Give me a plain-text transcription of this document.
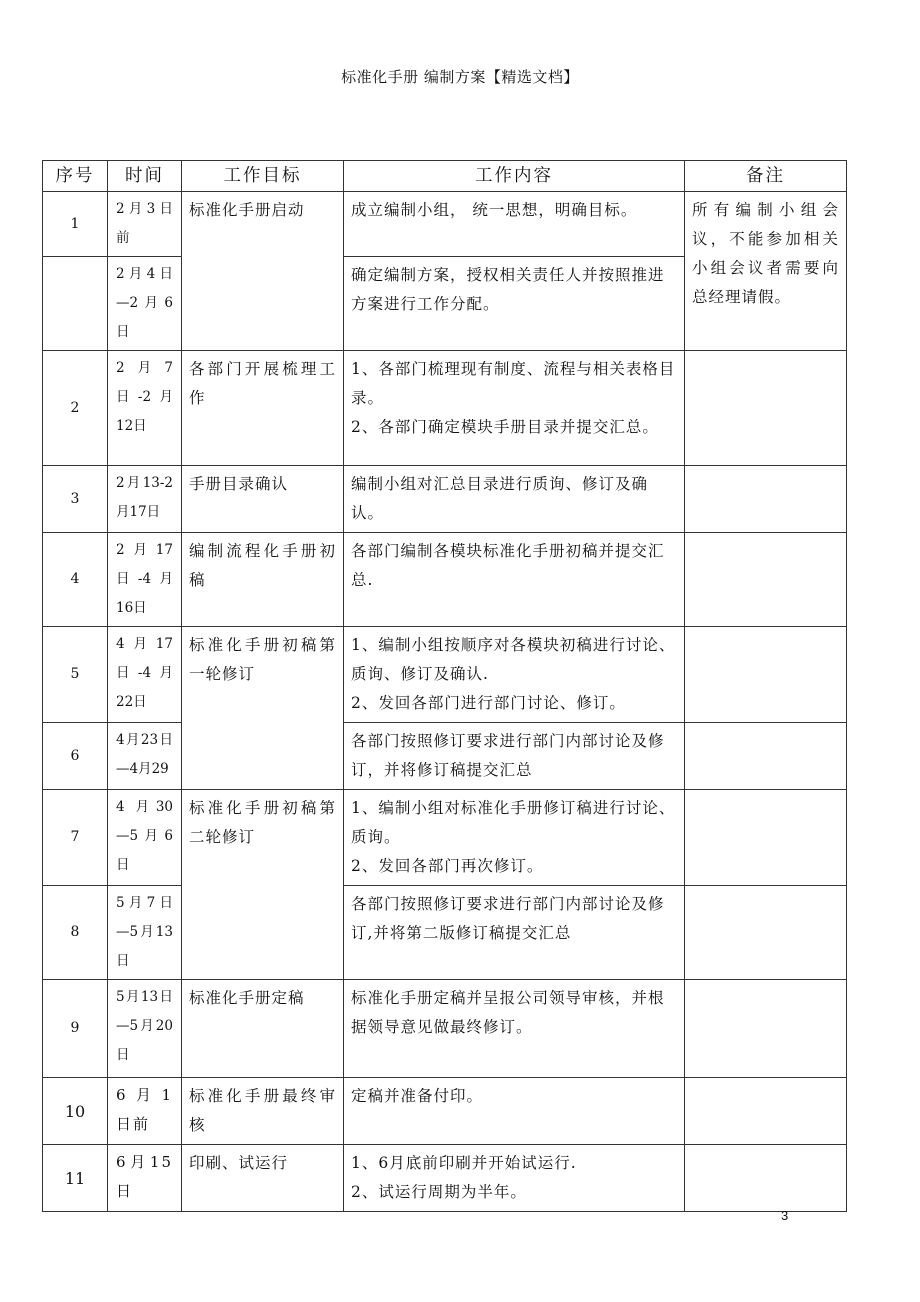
标准化手册 编制方案【精选文档】
序号	时间	工作目标	工作内容	备注
1	2月3日前	标准化手册启动	成立编制小组， 统一思想，明确目标。	所有编制小组会议，不能参加相关小组会议者需要向总经理请假。
	2月4日—2月6日		确定编制方案，授权相关责任人并按照推进方案进行工作分配。	

2	2月7日-2月12日	各部门开展梳理工作	1、各部门梳理现有制度、流程与相关表格目录。
2、各部门确定模块手册目录并提交汇总。	

3	2月13-2月17日	手册目录确认	编制小组对汇总目录进行质询、修订及确认。	

4	2月17日-4月16日	编制流程化手册初稿	各部门编制各模块标准化手册初稿并提交汇总.	

5	4月17日-4月22日	标准化手册初稿第一轮修订	1、编制小组按顺序对各模块初稿进行讨论、质询、修订及确认.
2、发回各部门进行部门讨论、修订。	

6	4月23日—4月29		各部门按照修订要求进行部门内部讨论及修订，并将修订稿提交汇总	

7	4 月30—5月6日	标准化手册初稿第二轮修订	1、编制小组对标准化手册修订稿进行讨论、质询。
2、发回各部门再次修订。	

8	5月7日—5月13日		各部门按照修订要求进行部门内部讨论及修订,并将第二版修订稿提交汇总	

9	5月13日—5月20日	标准化手册定稿	标准化手册定稿并呈报公司领导审核，并根据领导意见做最终修订。	

10	6月1日前	标准化手册最终审核	定稿并准备付印。	

11	6月15日	印刷、试运行	1、6月底前印刷并开始试运行.
2、试运行周期为半年。	

3
